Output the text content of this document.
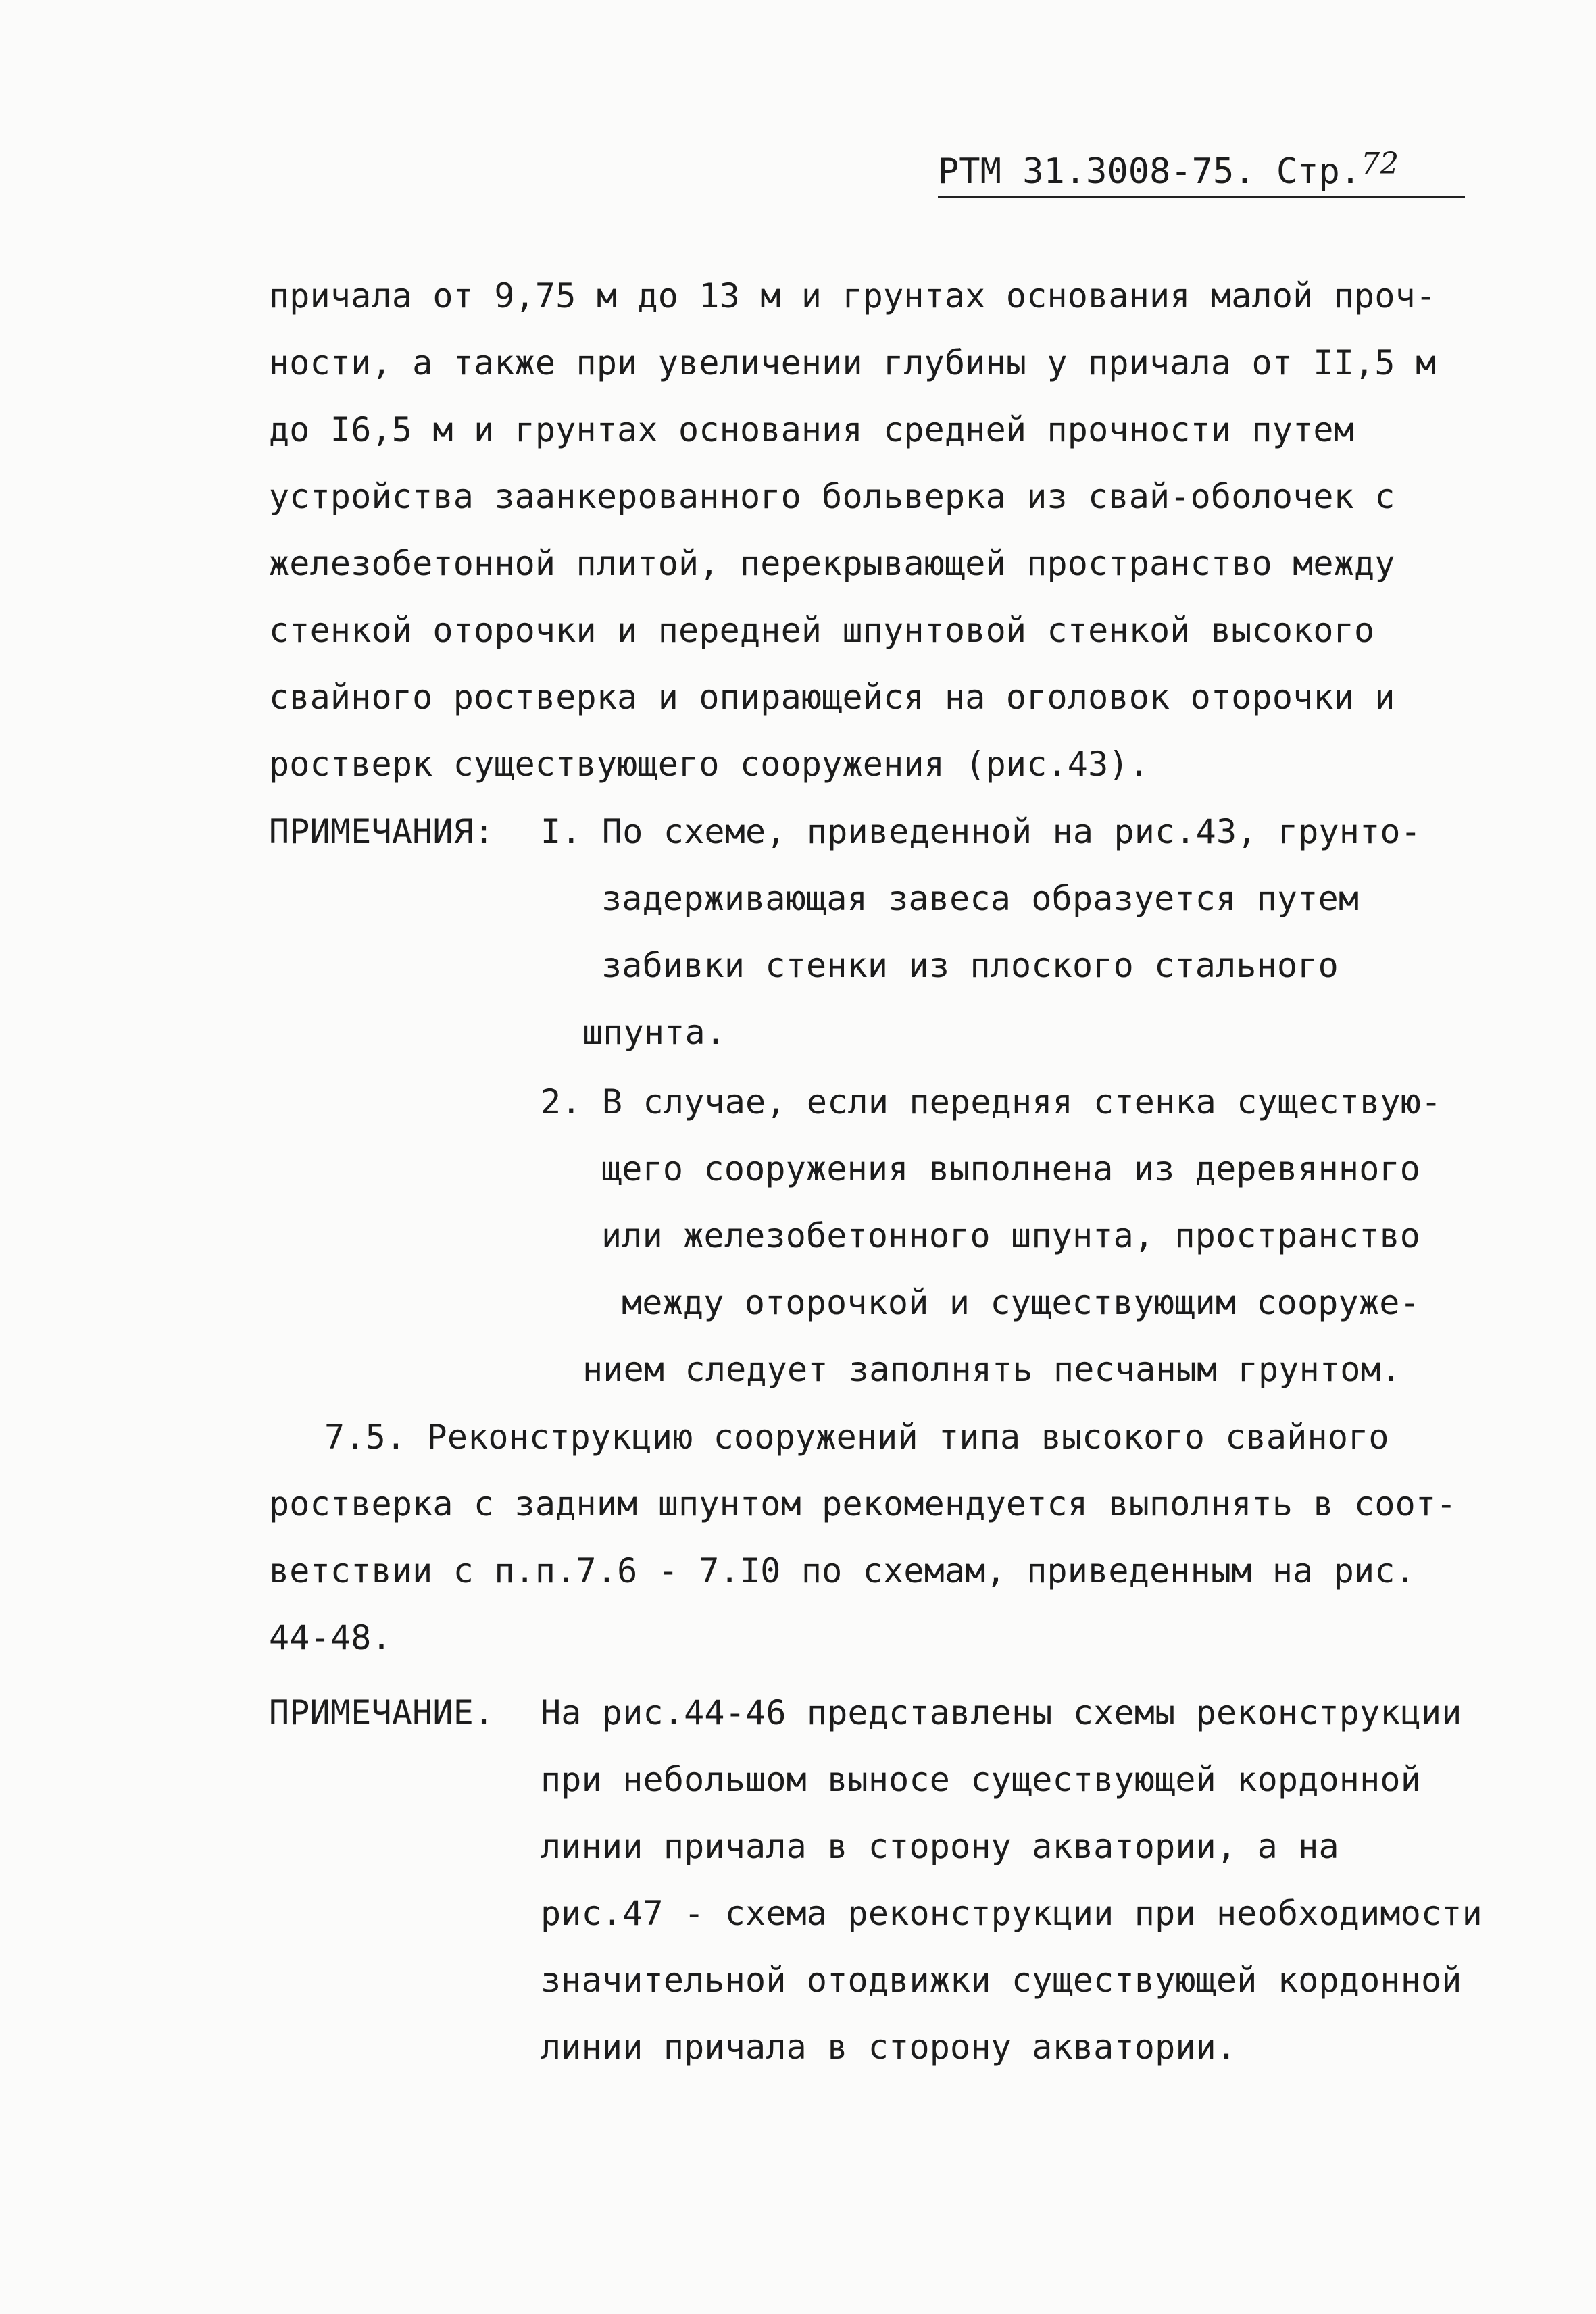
РТМ 31.3008-75. Стр.$^{72}$
причала от 9,75 м до 13 м и грунтах основания малой проч-
ности, а также при увеличении глубины у причала от II,5 м
до I6,5 м и грунтах основания средней прочности путем
устройства заанкерованного больверка из свай-оболочек с
железобетонной плитой, перекрывающей пространство между
стенкой оторочки и передней шпунтовой стенкой высокого
свайного ростверка и опирающейся на оголовок оторочки и
ростверк существующего сооружения (рис.43).
ПРИМЕЧАНИЯ: I. По схеме, приведенной на рис.43, грунто-
задерживающая завеса образуется путем
забивки стенки из плоского стального
шпунта.
2. В случае, если передняя стенка существую-
щего сооружения выполнена из деревянного
или железобетонного шпунта, пространство
между оторочкой и существующим сооруже-
нием следует заполнять песчаным грунтом.
7.5. Реконструкцию сооружений типа высокого свайного
ростверка с задним шпунтом рекомендуется выполнять в соот-
ветствии с п.п.7.6 - 7.I0 по схемам, приведенным на рис.
44-48.
ПРИМЕЧАНИЕ. На рис.44-46 представлены схемы реконструкции
при небольшом выносе существующей кордонной
линии причала в сторону акватории, а на
рис.47 - схема реконструкции при необходимости
значительной отодвижки существующей кордонной
линии причала в сторону акватории.
